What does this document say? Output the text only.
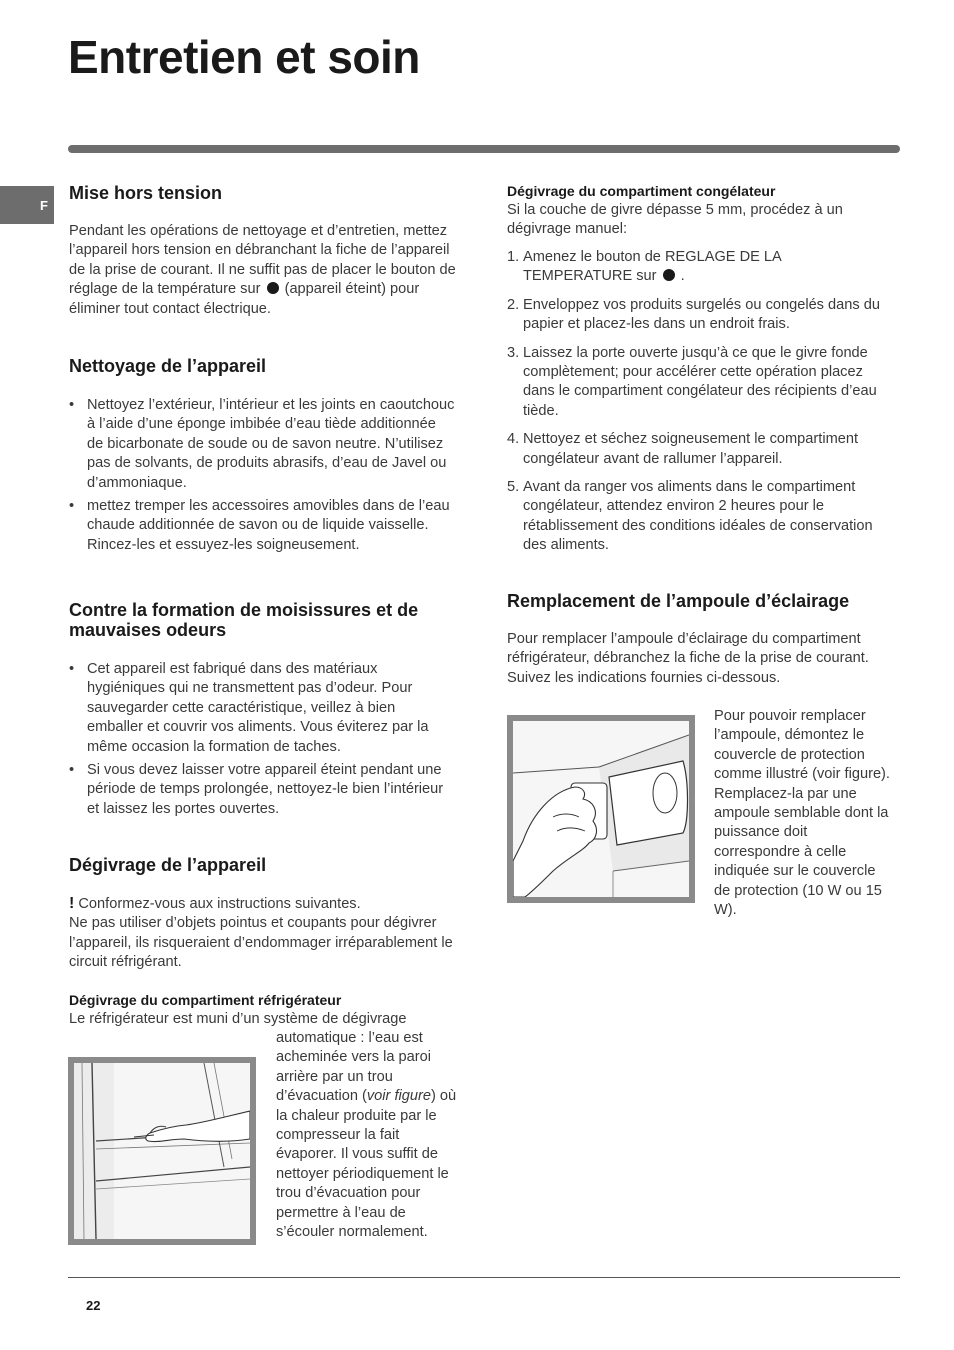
Entretien et soin
F
Mise hors tension

Pendant les opérations de nettoyage et d’entretien, mettez l’appareil hors tension en débranchant la fiche de l’appareil de la prise de courant. Il ne suffit pas de placer le bouton de réglage de la température sur (appareil éteint) pour éliminer tout contact électrique.

Nettoyage de l’appareil
• Nettoyez l’extérieur, l’intérieur et les joints en caoutchouc à l’aide d’une éponge imbibée d’eau tiède additionnée de bicarbonate de soude ou de savon neutre. N’utilisez pas de solvants, de produits abrasifs, d’eau de Javel ou d’ammoniaque.
• mettez tremper les accessoires amovibles dans de l’eau chaude additionnée de savon ou de liquide vaisselle. Rincez-les et essuyez-les soigneusement.
Contre la formation de moisissures et de mauvaises odeurs
• Cet appareil est fabriqué dans des matériaux hygiéniques qui ne transmettent pas d’odeur. Pour sauvegarder cette caractéristique, veillez à bien emballer et couvrir vos aliments. Vous éviterez par la même occasion la formation de taches.
• Si vous devez laisser votre appareil éteint pendant une période de temps prolongée, nettoyez-le bien l’intérieur et laissez les portes ouvertes.
Dégivrage de l’appareil

! Conformez-vous aux instructions suivantes.
Ne pas utiliser d’objets pointus et coupants pour dégivrer l’appareil, ils risqueraient d’endommager irréparablement le circuit réfrigérant.

Dégivrage du compartiment réfrigérateur

Le réfrigérateur est muni d’un système de dégivrage

automatique : l’eau est acheminée vers la paroi arrière par un trou d’évacuation (voir figure) où la chaleur produite par le compresseur la fait évaporer. Il vous suffit de nettoyer périodiquement le trou d’évacuation pour permettre à l’eau de s’écouler normalement.

Dégivrage du compartiment congélateur

Si la couche de givre dépasse 5 mm, procédez à un dégivrage manuel:

1. Amenez le bouton de REGLAGE DE LA TEMPERATURE sur .
2. Enveloppez vos produits surgelés ou congelés dans du papier et placez-les dans un endroit frais.
3. Laissez la porte ouverte jusqu’à ce que le givre fonde complètement; pour accélérer cette opération placez dans le compartiment congélateur des récipients d’eau tiède.
4. Nettoyez et séchez soigneusement le compartiment congélateur avant de rallumer l’appareil.
5. Avant da ranger vos aliments dans le compartiment congélateur, attendez environ 2 heures pour le rétablissement des conditions idéales de conservation des aliments.
Remplacement de l’ampoule d’éclairage

Pour remplacer l’ampoule d’éclairage du compartiment réfrigérateur, débranchez la fiche de la prise de courant. Suivez les indications fournies ci-dessous.

Pour pouvoir remplacer l’ampoule, démontez le couvercle de protection comme illustré (voir figure). Remplacez-la par une ampoule semblable dont la puissance doit correspondre à celle indiquée sur le couvercle de protection (10 W ou 15 W).

22
